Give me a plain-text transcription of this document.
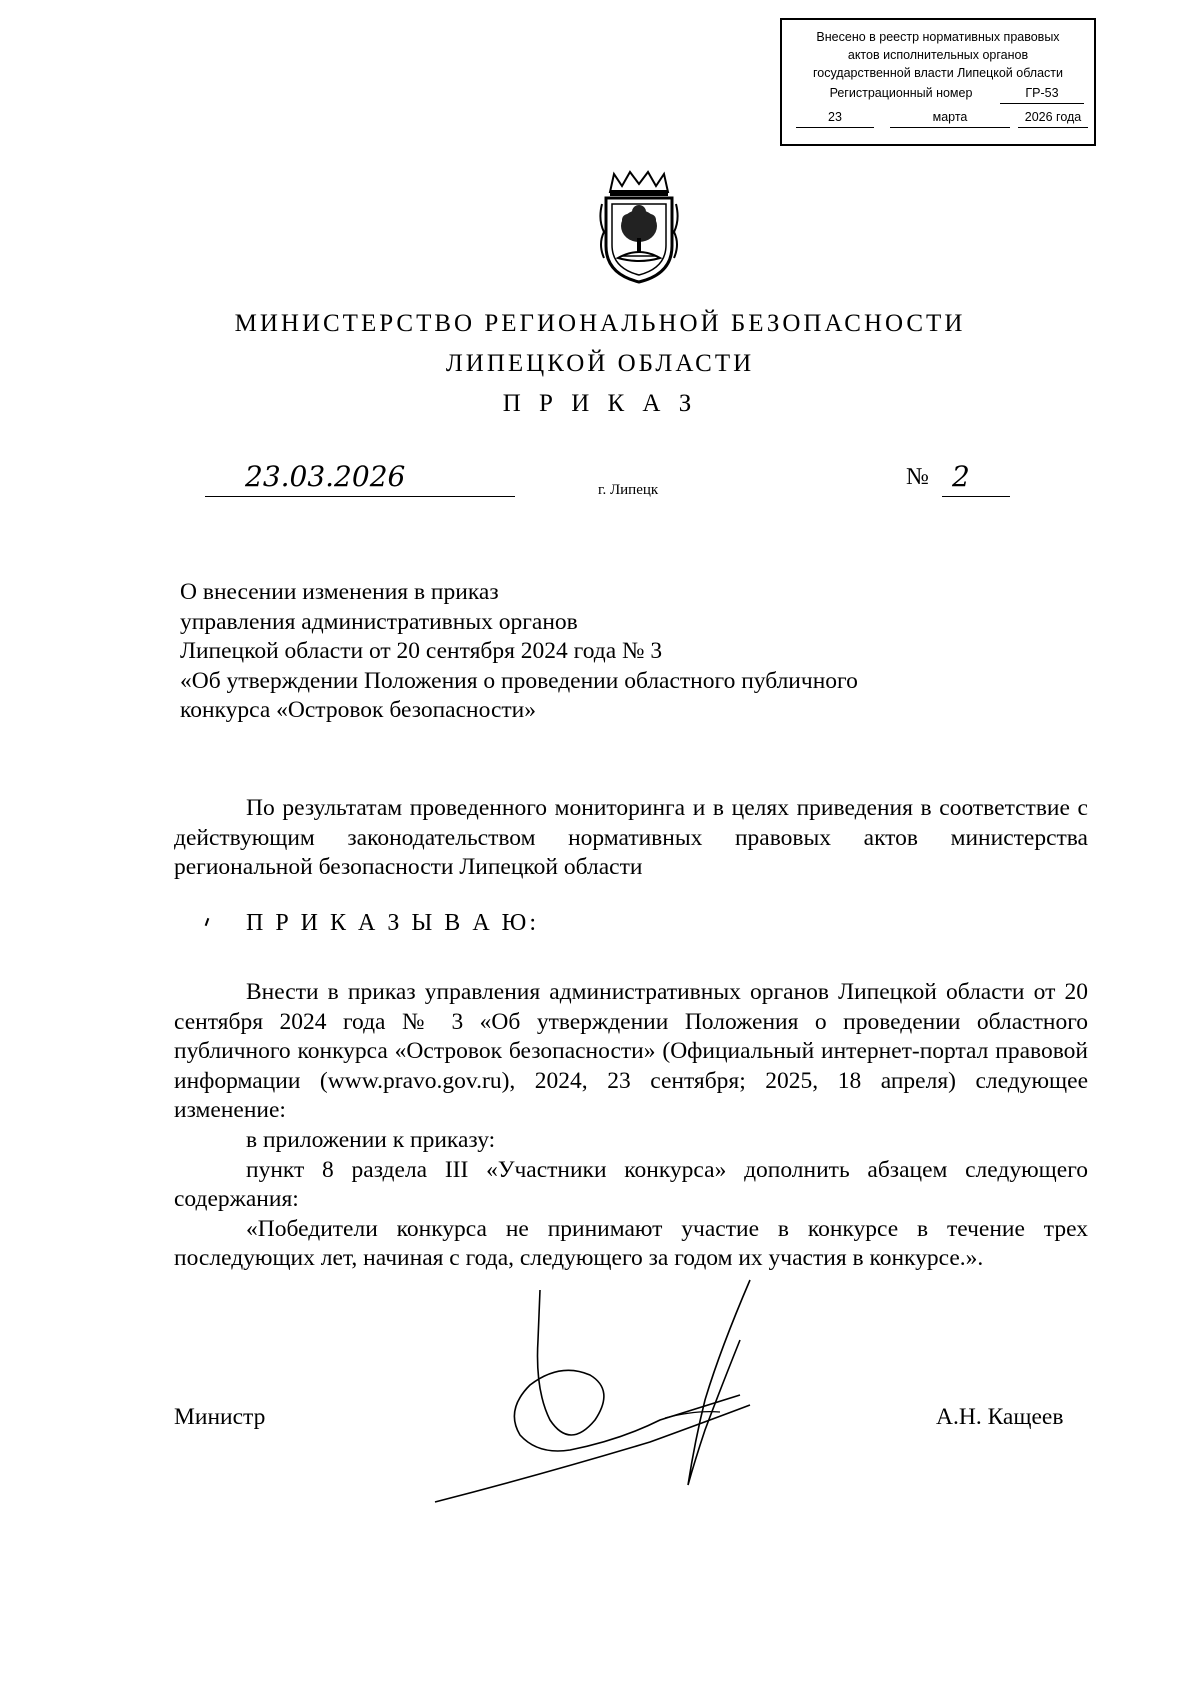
Внесено в реестр нормативных правовых
актов исполнительных органов
государственной власти Липецкой области
Регистрационный номер	ГР-53
23	марта	2026 года
МИНИСТЕРСТВО РЕГИОНАЛЬНОЙ БЕЗОПАСНОСТИ
ЛИПЕЦКОЙ ОБЛАСТИ
П Р И К А З
23.03.2026	г. Липецк	№ 2
О внесении изменения в приказ
управления административных органов
Липецкой области от 20 сентября 2024 года № 3
«Об утверждении Положения о проведении областного публичного
конкурса «Островок безопасности»
По результатам проведенного мониторинга и в целях приведения в соответствие с действующим законодательством нормативных правовых актов министерства региональной безопасности Липецкой области
П Р И К А З Ы В А Ю:
Внести в приказ управления административных органов Липецкой области от 20 сентября 2024 года № 3 «Об утверждении Положения о проведении областного публичного конкурса «Островок безопасности» (Официальный интернет-портал правовой информации (www.pravo.gov.ru), 2024, 23 сентября; 2025, 18 апреля) следующее изменение:
в приложении к приказу:
пункт 8 раздела III «Участники конкурса» дополнить абзацем следующего содержания:
«Победители конкурса не принимают участие в конкурсе в течение трех последующих лет, начиная с года, следующего за годом их участия в конкурсе.».
Министр	А.Н. Кащеев
